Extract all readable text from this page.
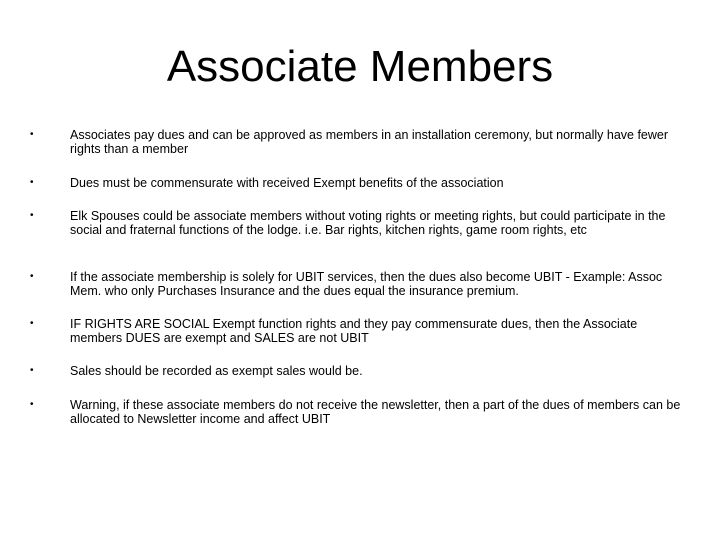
Associate Members
•	Associates pay dues and can be approved as members in an installation ceremony, but normally have fewer rights than a member
•	Dues must be commensurate with received Exempt benefits of the association
•	Elk Spouses could be associate members without voting rights or meeting rights, but could participate in the social and fraternal functions of the lodge. i.e. Bar rights, kitchen rights, game room rights, etc
•	If the associate membership is solely for UBIT services, then the dues also become UBIT - Example: Assoc Mem. who only Purchases Insurance and the dues equal the insurance premium.
•	IF RIGHTS ARE SOCIAL Exempt function rights and they pay commensurate dues, then the Associate members DUES are exempt and SALES are not UBIT
•	Sales should be recorded as exempt sales would be.
•	Warning, if these associate members do not receive the newsletter, then a part of the dues of members can be allocated to Newsletter income and affect UBIT
